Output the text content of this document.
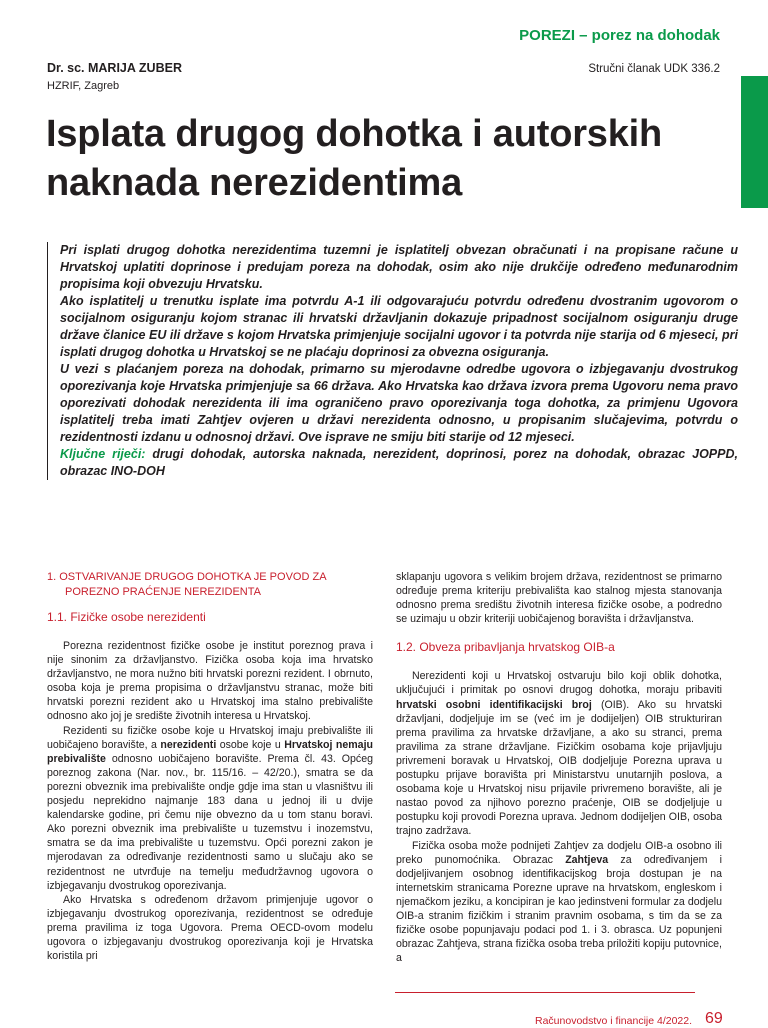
POREZI – porez na dohodak
Dr. sc. MARIJA ZUBER
HZRIF, Zagreb
Stručni članak UDK 336.2
Isplata drugog dohotka i autorskih naknada nerezidentima

Pri isplati drugog dohotka nerezidentima tuzemni je isplatitelj obvezan obračunati i na propisane račune u Hrvatskoj uplatiti doprinose i predujam poreza na dohodak, osim ako nije drukčije određeno međunarodnim propisima koji obvezuju Hrvatsku.

Ako isplatitelj u trenutku isplate ima potvrdu A-1 ili odgovarajuću potvrdu određenu dvostranim ugovorom o socijalnom osiguranju kojom stranac ili hrvatski državljanin dokazuje pripadnost socijalnom osiguranju druge države članice EU ili države s kojom Hrvatska primjenjuje socijalni ugovor i ta potvrda nije starija od 6 mjeseci, pri isplati drugog dohotka u Hrvatskoj se ne plaćaju doprinosi za obvezna osiguranja.

U vezi s plaćanjem poreza na dohodak, primarno su mjerodavne odredbe ugovora o izbjegavanju dvostrukog oporezivanja koje Hrvatska primjenjuje sa 66 država. Ako Hrvatska kao država izvora prema Ugovoru nema pravo oporezivati dohodak nerezidenta ili ima ograničeno pravo oporezivanja toga dohotka, za primjenu Ugovora isplatitelj treba imati Zahtjev ovjeren u državi nerezidenta odnosno, u propisanim slučajevima, potvrdu o rezidentnosti izdanu u odnosnoj državi. Ove isprave ne smiju biti starije od 12 mjeseci.

Ključne riječi: drugi dohodak, autorska naknada, nerezident, doprinosi, porez na dohodak, obrazac JOPPD, obrazac INO-DOH

1. OSTVARIVANJE DRUGOG DOHOTKA JE POVOD ZA POREZNO PRAĆENJE NEREZIDENTA
1.1. Fizičke osobe nerezidenti

Porezna rezidentnost fizičke osobe je institut poreznog prava i nije sinonim za državljanstvo. Fizička osoba koja ima hrvatsko državljanstvo, ne mora nužno biti hrvatski porezni rezident. I obrnuto, osoba koja je prema propisima o državljanstvu stranac, može biti hrvatski porezni rezident ako u Hrvatskoj ima stalno prebivalište odnosno ako joj je središte životnih interesa u Hrvatskoj.

Rezidenti su fizičke osobe koje u Hrvatskoj imaju prebivalište ili uobičajeno boravište, a nerezidenti osobe koje u Hrvatskoj nemaju prebivalište odnosno uobičajeno boravište. Prema čl. 43. Općeg poreznog zakona (Nar. nov., br. 115/16. – 42/20.), smatra se da porezni obveznik ima prebivalište ondje gdje ima stan u vlasništvu ili posjedu neprekidno najmanje 183 dana u jednoj ili u dvije kalendarske godine, pri čemu nije obvezno da u tom stanu boravi. Ako porezni obveznik ima prebivalište u tuzemstvu i inozemstvu, smatra se da ima prebivalište u tuzemstvu. Opći porezni zakon je mjerodavan za određivanje rezidentnosti samo u slučaju ako se rezidentnost ne utvrđuje na temelju međudržavnog ugovora o izbjegavanju dvostrukog oporezivanja.

Ako Hrvatska s određenom državom primjenjuje ugovor o izbjegavanju dvostrukog oporezivanja, rezidentnost se određuje prema pravilima iz toga Ugovora. Prema OECD-ovom modelu ugovora o izbjegavanju dvostrukog oporezivanja koji je Hrvatska koristila pri

sklapanju ugovora s velikim brojem država, rezidentnost se primarno određuje prema kriteriju prebivališta kao stalnog mjesta stanovanja odnosno prema središtu životnih interesa fizičke osobe, a podredno se uzimaju u obzir kriteriji uobičajenog boravišta i državljanstva.

1.2. Obveza pribavljanja hrvatskog OIB-a

Nerezidenti koji u Hrvatskoj ostvaruju bilo koji oblik dohotka, uključujući i primitak po osnovi drugog dohotka, moraju pribaviti hrvatski osobni identifikacijski broj (OIB). Ako su hrvatski državljani, dodjeljuje im se (već im je dodijeljen) OIB strukturiran prema pravilima za hrvatske državljane, a ako su stranci, prema pravilima za strane državljane. Fizičkim osobama koje prijavljuju privremeni boravak u Hrvatskoj, OIB dodjeljuje Porezna uprava u postupku prijave boravišta pri Ministarstvu unutarnjih poslova, a osobama koje u Hrvatskoj nisu prijavile privremeno boravište, ali je nastao povod za njihovo porezno praćenje, OIB se dodjeljuje u postupku koji provodi Porezna uprava. Jednom dodijeljen OIB, osoba trajno zadržava.

Fizička osoba može podnijeti Zahtjev za dodjelu OIB-a osobno ili preko punomoćnika. Obrazac Zahtjeva za određivanjem i dodjeljivanjem osobnog identifikacijskog broja dostupan je na internetskim stranicama Porezne uprave na hrvatskom, engleskom i njemačkom jeziku, a koncipiran je kao jedinstveni formular za dodjelu OIB-a stranim fizičkim i stranim pravnim osobama, s tim da se za fizičke osobe popunjavaju podaci pod 1. i 3. obrasca. Uz popunjeni obrazac Zahtjeva, strana fizička osoba treba priložiti kopiju putovnice, a

Računovodstvo i financije 4/2022. 69
